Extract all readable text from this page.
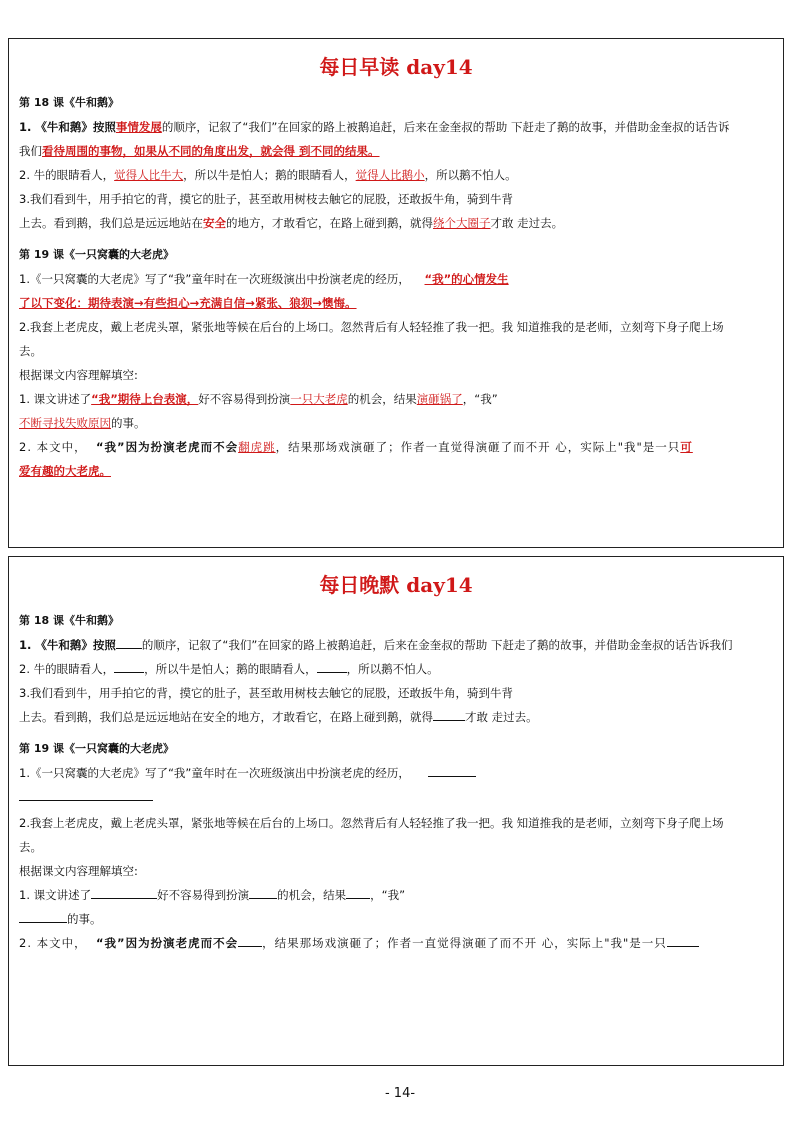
每日早读 day14
第 18 课《牛和鹅》
1. 《牛和鹅》按照事情发展的顺序，记叙了“我们”在回家的路上被鹅追赶，后来在金奎叔的帮助 下赶走了鹅的故事，并借助金奎叔的话告诉
我们看待周围的事物，如果从不同的角度出发，就会得 到不同的结果。
2. 牛的眼睛看人，觉得人比牛大，所以牛是怕人；鹅的眼睛看人，觉得人比鹅小，所以鹅不怕人。
3.我们看到牛，用手拍它的背，摸它的肚子，甚至敢用树枝去触它的屁股，还敢扳牛角，骑到牛背
上去。看到鹅，我们总是远远地站在安全的地方，才敢看它，在路上碰到鹅，就得绕个大圈子才敢 走过去。
第 19 课《一只窝囊的大老虎》
1.《一只窝囊的大老虎》写了“我”童年时在一次班级演出中扮演老虎的经历， “我”的心情发生
了以下变化：期待表演→有些担心→充满自信→紧张、狼狈→懊悔。
2.我套上老虎皮，戴上老虎头罩，紧张地等候在后台的上场口。忽然背后有人轻轻推了我一把。我 知道推我的是老师，立刻弯下身子爬上场
去。
根据课文内容理解填空:
1. 课文讲述了“我”期待上台表演，好不容易得到扮演一只大老虎的机会，结果演砸锅了，“我”
不断寻找失败原因的事。
2. 本文中， “我”因为扮演老虎而不会翻虎跳，结果那场戏演砸了；作者一直觉得演砸了而不开 心，实际上"我"是一只可
爱有趣的大老虎。
每日晚默 day14
第 18 课《牛和鹅》
1. 《牛和鹅》按照 的顺序，记叙了“我们”在回家的路上被鹅追赶，后来在金奎叔的帮助 下赶走了鹅的故事，并借助金奎叔的话告诉我们
2. 牛的眼睛看人，	，所以牛是怕人；鹅的眼睛看人，	，所以鹅不怕人。
3.我们看到牛，用手拍它的背，摸它的肚子，甚至敢用树枝去触它的屁股，还敢扳牛角，骑到牛背
上去。看到鹅，我们总是远远地站在安全的地方，才敢看它，在路上碰到鹅，就得	才敢 走过去。
第 19 课《一只窝囊的大老虎》
1.《一只窝囊的大老虎》写了“我”童年时在一次班级演出中扮演老虎的经历，
2.我套上老虎皮，戴上老虎头罩，紧张地等候在后台的上场口。忽然背后有人轻轻推了我一把。我 知道推我的是老师，立刻弯下身子爬上场
去。
根据课文内容理解填空:
1. 课文讲述了	好不容易得到扮演 的机会，结果 ，“我”
的事。
2. 本文中， “我”因为扮演老虎而不会 ，结果那场戏演砸了；作者一直觉得演砸了而不开 心，实际上"我"是一只
- 14-
